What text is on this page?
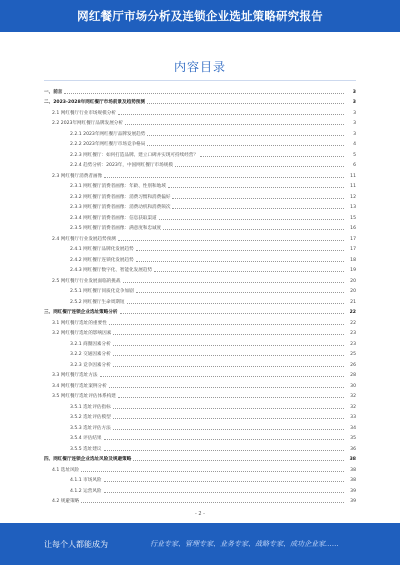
网红餐厅市场分析及连锁企业选址策略研究报告
内容目录
一、前言	3
二、2023-2028年网红餐厅市场前景及趋势预测	3
2.1 网红餐厅行业市场规模分析	3
2.2 2023年网红餐厅品牌发展分析	3
2.2.1 2023年网红餐厅品牌发展趋势	3
2.2.2 2023年网红餐厅市场竞争格局	4
2.2.3 网红餐厅：如何打造品牌、建立口碑并实现可持续经营？	5
2.2.4 趋势分析：2023年，中国网红餐厅市场规模	6
2.3 网红餐厅消费者画像	11
2.3.1 网红餐厅消费者画像：年龄、性别和地域	11
2.3.2 网红餐厅消费者画像：消费习惯和消费偏好	12
2.3.3 网红餐厅消费者画像：消费动机和消费频次	13
2.3.4 网红餐厅消费者画像：信息获取渠道	15
2.3.5 网红餐厅消费者画像：满意度和忠诚度	16
2.4 网红餐厅行业发展趋势预测	17
2.4.1 网红餐厅品牌化发展趋势	17
2.4.2 网红餐厅连锁化发展趋势	18
2.4.3 网红餐厅数字化、智能化发展趋势	19
2.5 网红餐厅行业发展面临的挑战	20
2.5.1 网红餐厅同质化竞争加剧	20
2.5.2 网红餐厅生命周期短	21
三、网红餐厅连锁企业选址策略分析	22
3.1 网红餐厅选址的重要性	22
3.2 网红餐厅选址的影响因素	23
3.2.1 商圈因素分析	23
3.2.2 交通因素分析	25
3.2.3 竞争因素分析	26
3.3 网红餐厅选址方法	28
3.4 网红餐厅选址案例分析	30
3.5 网红餐厅选址评估体系构建	32
3.5.1 选址评估指标	32
3.5.2 选址评估模型	33
3.5.3 选址评估方法	34
3.5.4 评估结果	35
3.5.5 选址建议	36
四、网红餐厅连锁企业选址风险及规避策略	38
4.1 选址风险	38
4.1.1 市场风险	38
4.1.2 运营风险	39
4.2 规避策略	39
- 2 -
让每个人都能成为	行业专家、管理专家、业务专家、战略专家、成功企业家……
